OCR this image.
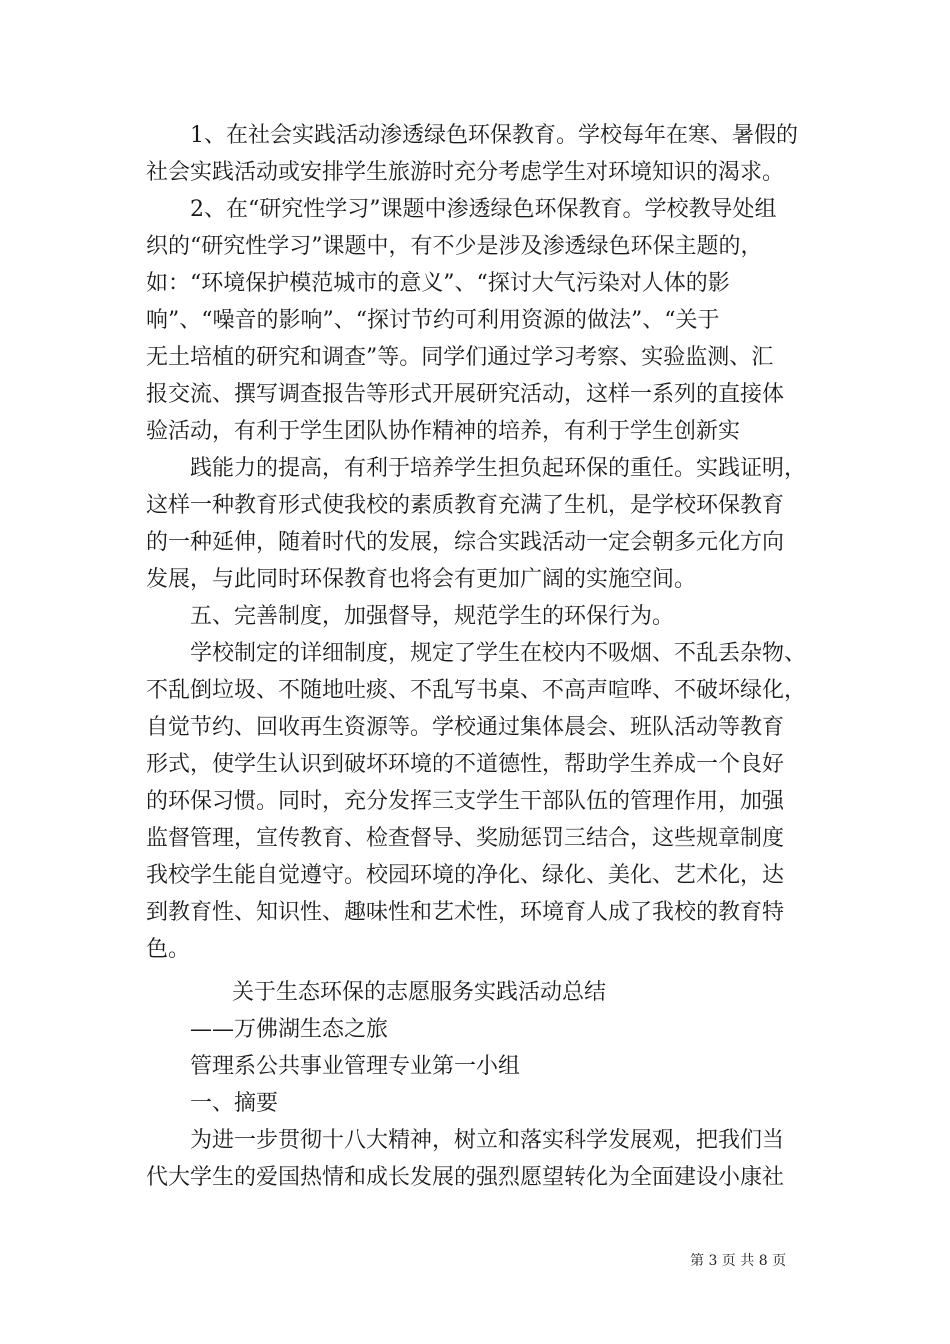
1、在社会实践活动渗透绿色环保教育。学校每年在寒、暑假的
社会实践活动或安排学生旅游时充分考虑学生对环境知识的渴求。
2、在“研究性学习”课题中渗透绿色环保教育。学校教导处组
织的“研究性学习”课题中，有不少是涉及渗透绿色环保主题的，
如：“环境保护模范城市的意义”、“探讨大气污染对人体的影
响”、“噪音的影响”、“探讨节约可利用资源的做法”、“关于
无土培植的研究和调查”等。同学们通过学习考察、实验监测、汇
报交流、撰写调查报告等形式开展研究活动，这样一系列的直接体
验活动，有利于学生团队协作精神的培养，有利于学生创新实
践能力的提高，有利于培养学生担负起环保的重任。实践证明，
这样一种教育形式使我校的素质教育充满了生机，是学校环保教育
的一种延伸，随着时代的发展，综合实践活动一定会朝多元化方向
发展，与此同时环保教育也将会有更加广阔的实施空间。
五、完善制度，加强督导，规范学生的环保行为。
学校制定的详细制度，规定了学生在校内不吸烟、不乱丢杂物、
不乱倒垃圾、不随地吐痰、不乱写书桌、不高声喧哗、不破坏绿化，
自觉节约、回收再生资源等。学校通过集体晨会、班队活动等教育
形式，使学生认识到破坏环境的不道德性，帮助学生养成一个良好
的环保习惯。同时，充分发挥三支学生干部队伍的管理作用，加强
监督管理，宣传教育、检查督导、奖励惩罚三结合，这些规章制度
我校学生能自觉遵守。校园环境的净化、绿化、美化、艺术化，达
到教育性、知识性、趣味性和艺术性，环境育人成了我校的教育特
色。
关于生态环保的志愿服务实践活动总结
——万佛湖生态之旅
管理系公共事业管理专业第一小组
一、摘要
为进一步贯彻十八大精神，树立和落实科学发展观，把我们当
代大学生的爱国热情和成长发展的强烈愿望转化为全面建设小康社
第 3 页 共 8 页
